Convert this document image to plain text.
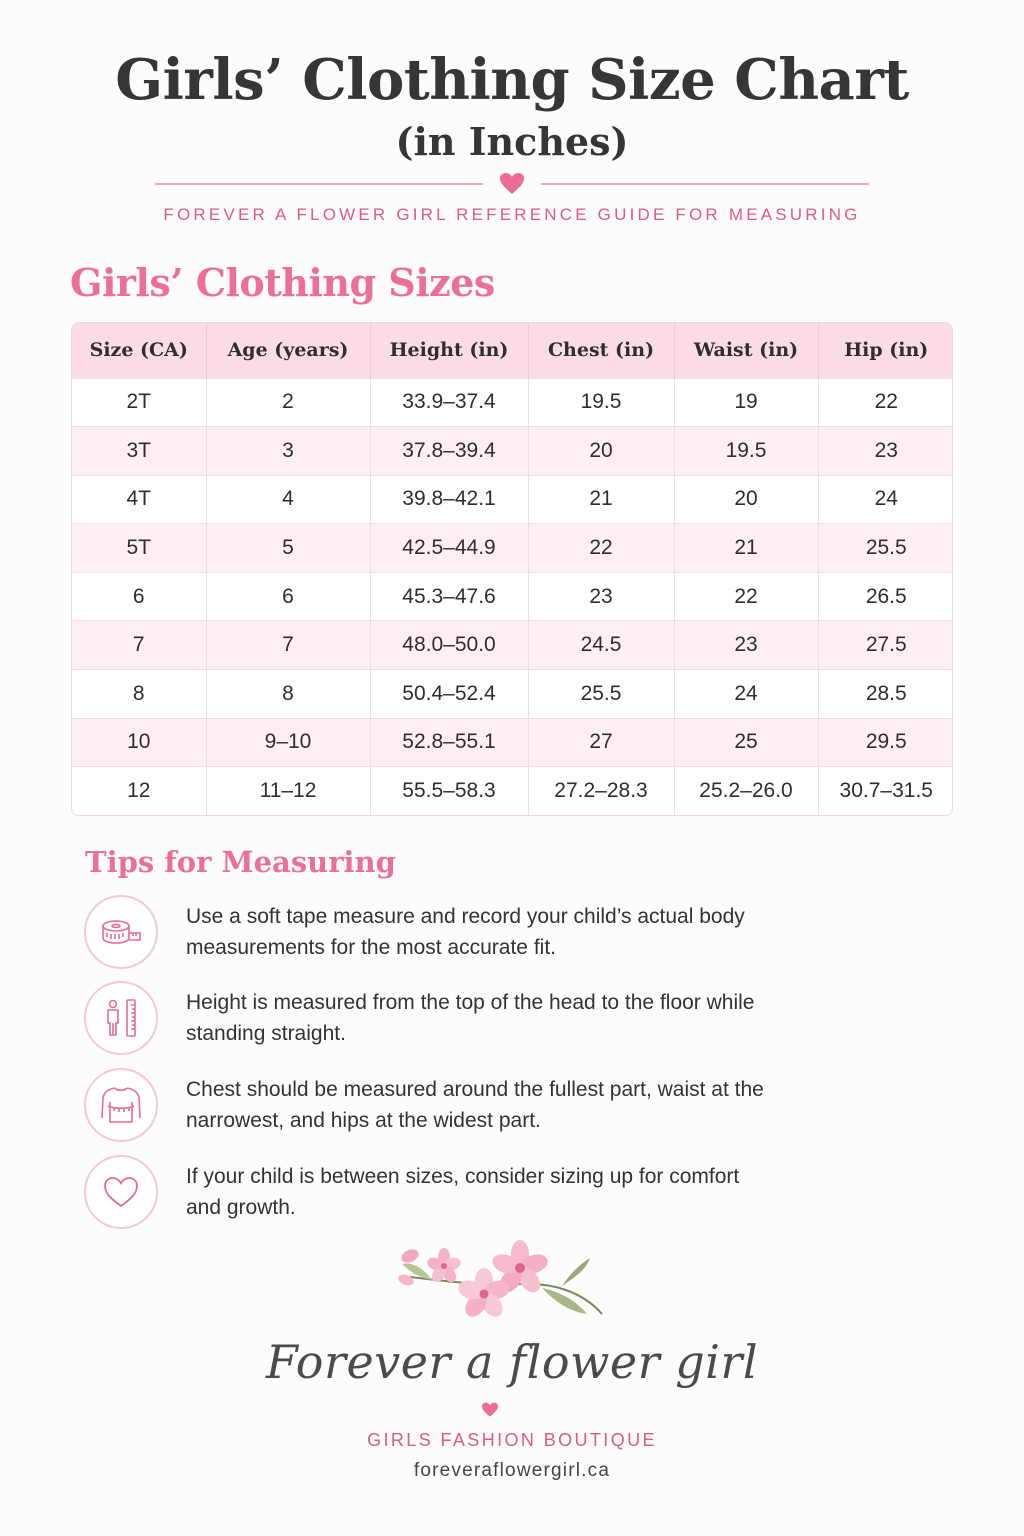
Girls’ Clothing Size Chart
(in Inches)
FOREVER A FLOWER GIRL REFERENCE GUIDE FOR MEASURING
Girls’ Clothing Sizes
Size (CA)	Age (years)	Height (in)	Chest (in)	Waist (in)	Hip (in)
2T	2	33.9–37.4	19.5	19	22
3T	3	37.8–39.4	20	19.5	23
4T	4	39.8–42.1	21	20	24
5T	5	42.5–44.9	22	21	25.5
6	6	45.3–47.6	23	22	26.5
7	7	48.0–50.0	24.5	23	27.5
8	8	50.4–52.4	25.5	24	28.5
10	9–10	52.8–55.1	27	25	29.5
12	11–12	55.5–58.3	27.2–28.3	25.2–26.0	30.7–31.5
Tips for Measuring
Use a soft tape measure and record your child’s actual body measurements for the most accurate fit.
Height is measured from the top of the head to the floor while standing straight.
Chest should be measured around the fullest part, waist at the narrowest, and hips at the widest part.
If your child is between sizes, consider sizing up for comfort and growth.
Forever a flower girl
GIRLS FASHION BOUTIQUE
foreveraflowergirl.ca
